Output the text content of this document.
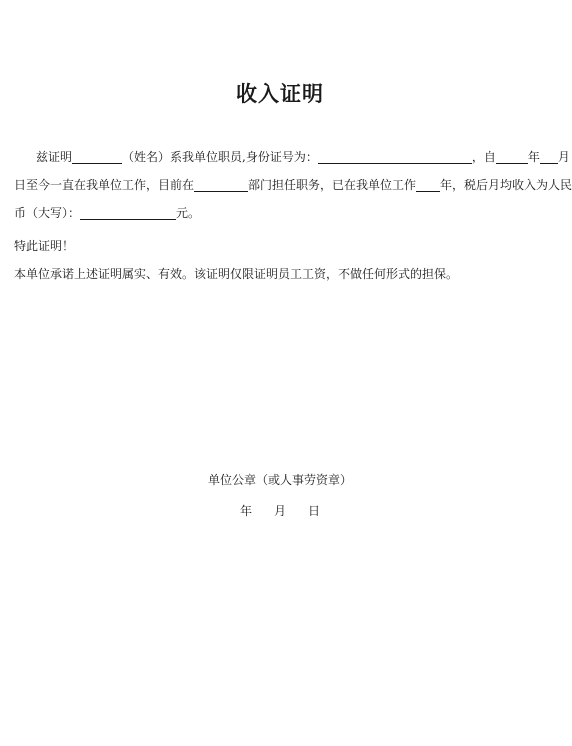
收入证明
兹证明	（姓名）系我单位职员,身份证号为：	，自	年 月
日至今一直在我单位工作，目前在	部门担任职务，已在我单位工作 年，税后月均收入为人民
币（大写）：	元。
特此证明！
本单位承诺上述证明属实、有效。该证明仅限证明员工工资，不做任何形式的担保。
单位公章（或人事劳资章）
年 月 日
